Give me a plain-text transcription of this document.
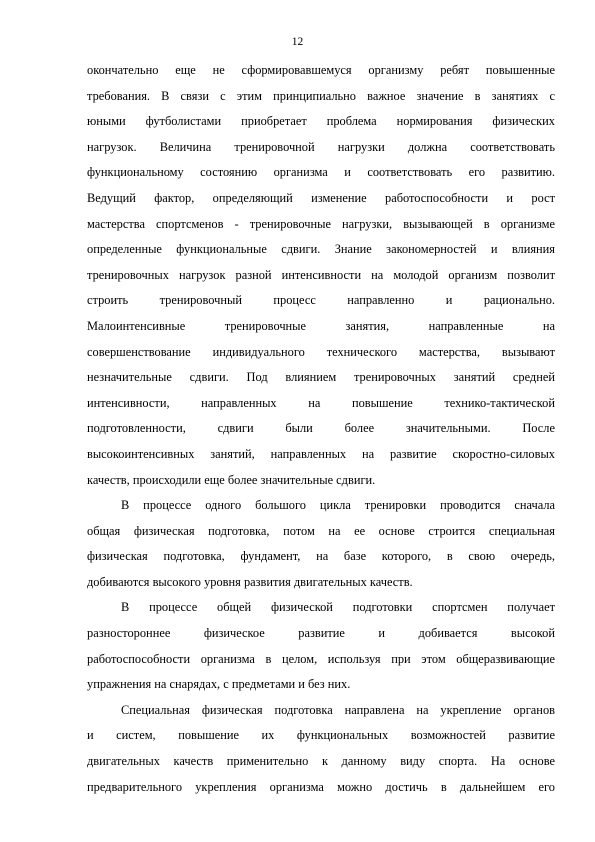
12
окончательно еще не сформировавшемуся организму ребят повышенные
требования. В связи с этим принципиально важное значение в занятиях с
юными футболистами приобретает проблема нормирования физических
нагрузок. Величина тренировочной нагрузки должна соответствовать
функциональному состоянию организма и соответствовать его развитию.
Ведущий фактор, определяющий изменение работоспособности и рост
мастерства спортсменов - тренировочные нагрузки, вызывающей в организме
определенные функциональные сдвиги. Знание закономерностей и влияния
тренировочных нагрузок разной интенсивности на молодой организм позволит
строить тренировочный процесс направленно и рационально.
Малоинтенсивные тренировочные занятия, направленные на
совершенствование индивидуального технического мастерства, вызывают
незначительные сдвиги. Под влиянием тренировочных занятий средней
интенсивности, направленных на повышение технико-тактической
подготовленности, сдвиги были более значительными. После
высокоинтенсивных занятий, направленных на развитие скоростно-силовых
качеств, происходили еще более значительные сдвиги.
В процессе одного большого цикла тренировки проводится сначала
общая физическая подготовка, потом на ее основе строится специальная
физическая подготовка, фундамент, на базе которого, в свою очередь,
добиваются высокого уровня развития двигательных качеств.
В процессе общей физической подготовки спортсмен получает
разностороннее физическое развитие и добивается высокой
работоспособности организма в целом, используя при этом общеразвивающие
упражнения на снарядах, с предметами и без них.
Специальная физическая подготовка направлена на укрепление органов
и систем, повышение их функциональных возможностей развитие
двигательных качеств применительно к данному виду спорта. На основе
предварительного укрепления организма можно достичь в дальнейшем его
